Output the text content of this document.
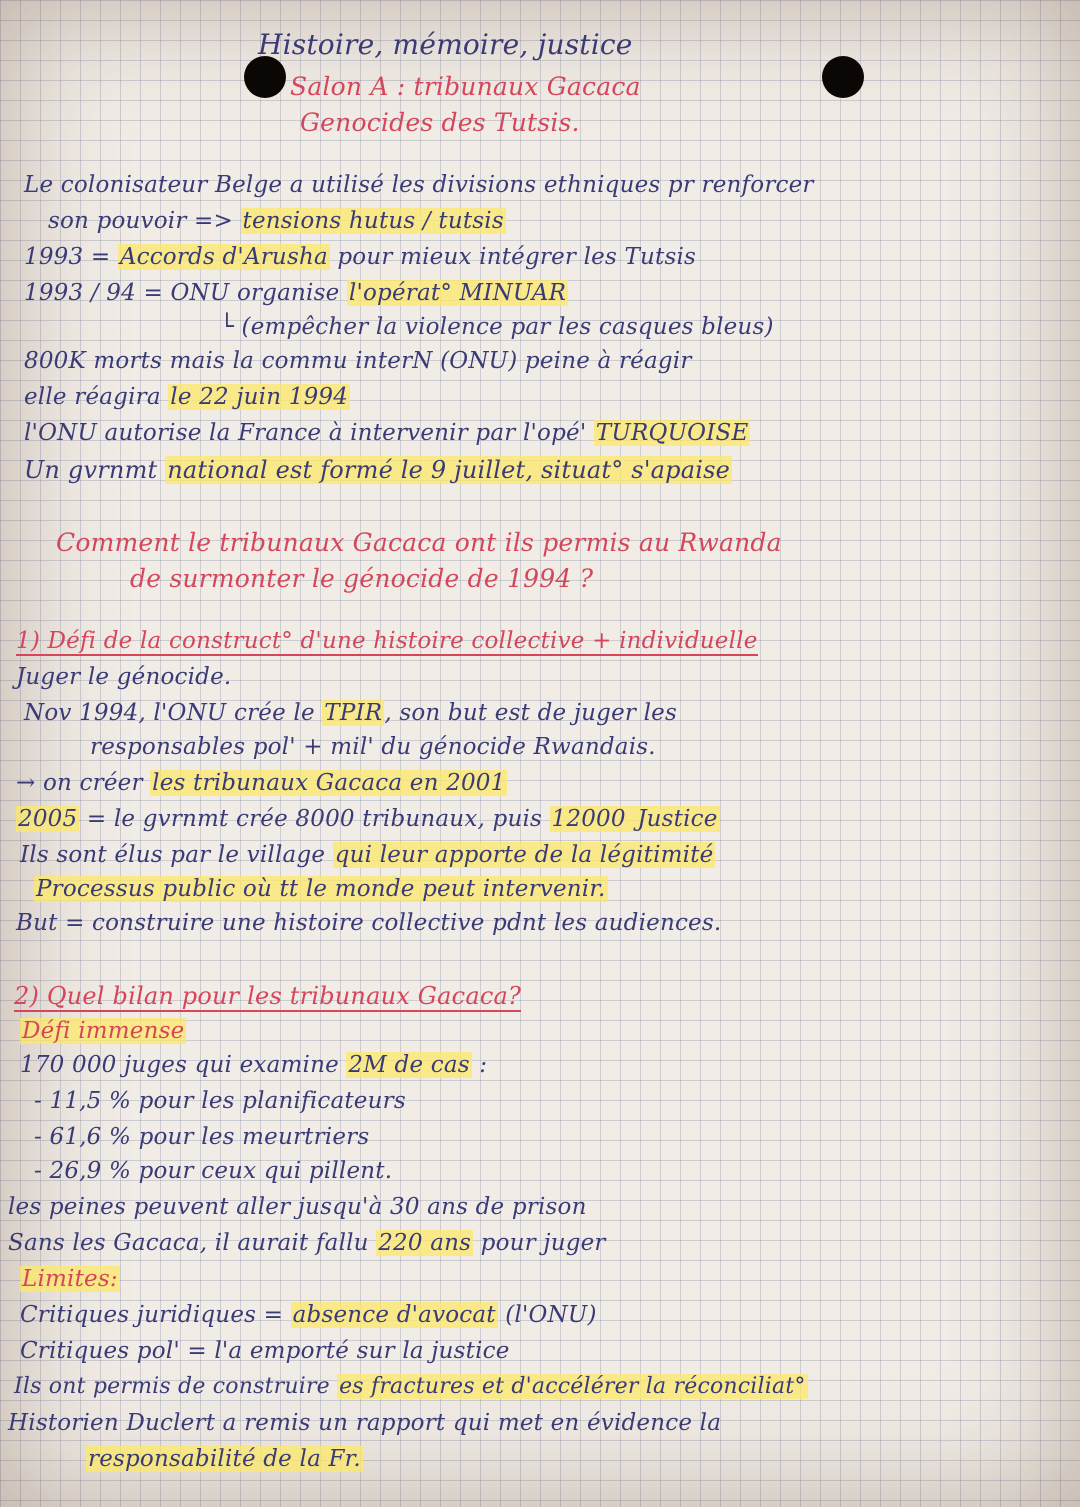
Histoire, mémoire, justice
Salon A : tribunaux Gacaca
Genocides des Tutsis.
Le colonisateur Belge a utilisé les divisions ethniques pr renforcer
son pouvoir => tensions hutus / tutsis
1993 = Accords d'Arusha pour mieux intégrer les Tutsis
1993 / 94 = ONU organise l'opérat° MINUAR
└ (empêcher la violence par les casques bleus)
800K morts mais la commu interN (ONU) peine à réagir
elle réagira le 22 juin 1994
l'ONU autorise la France à intervenir par l'opé' TURQUOISE
Un gvrnmt national est formé le 9 juillet, situat° s'apaise
Comment le tribunaux Gacaca ont ils permis au Rwanda
de surmonter le génocide de 1994 ?
1) Défi de la construct° d'une histoire collective + individuelle
Juger le génocide.
Nov 1994, l'ONU crée le TPIR, son but est de juger les
responsables pol' + mil' du génocide Rwandais.
→ on créer les tribunaux Gacaca en 2001
2005 = le gvrnmt crée 8000 tribunaux, puis 12000 Justice
Ils sont élus par le village qui leur apporte de la légitimité
Processus public où tt le monde peut intervenir.
But = construire une histoire collective pdnt les audiences.
2) Quel bilan pour les tribunaux Gacaca?
Défi immense
170 000 juges qui examine 2M de cas :
- 11,5 % pour les planificateurs
- 61,6 % pour les meurtriers
- 26,9 % pour ceux qui pillent.
les peines peuvent aller jusqu'à 30 ans de prison
Sans les Gacaca, il aurait fallu 220 ans pour juger
Limites:
Critiques juridiques = absence d'avocat (l'ONU)
Critiques pol' = l'a emporté sur la justice
Ils ont permis de construire es fractures et d'accélérer la réconciliat°
Historien Duclert a remis un rapport qui met en évidence la
responsabilité de la Fr.
